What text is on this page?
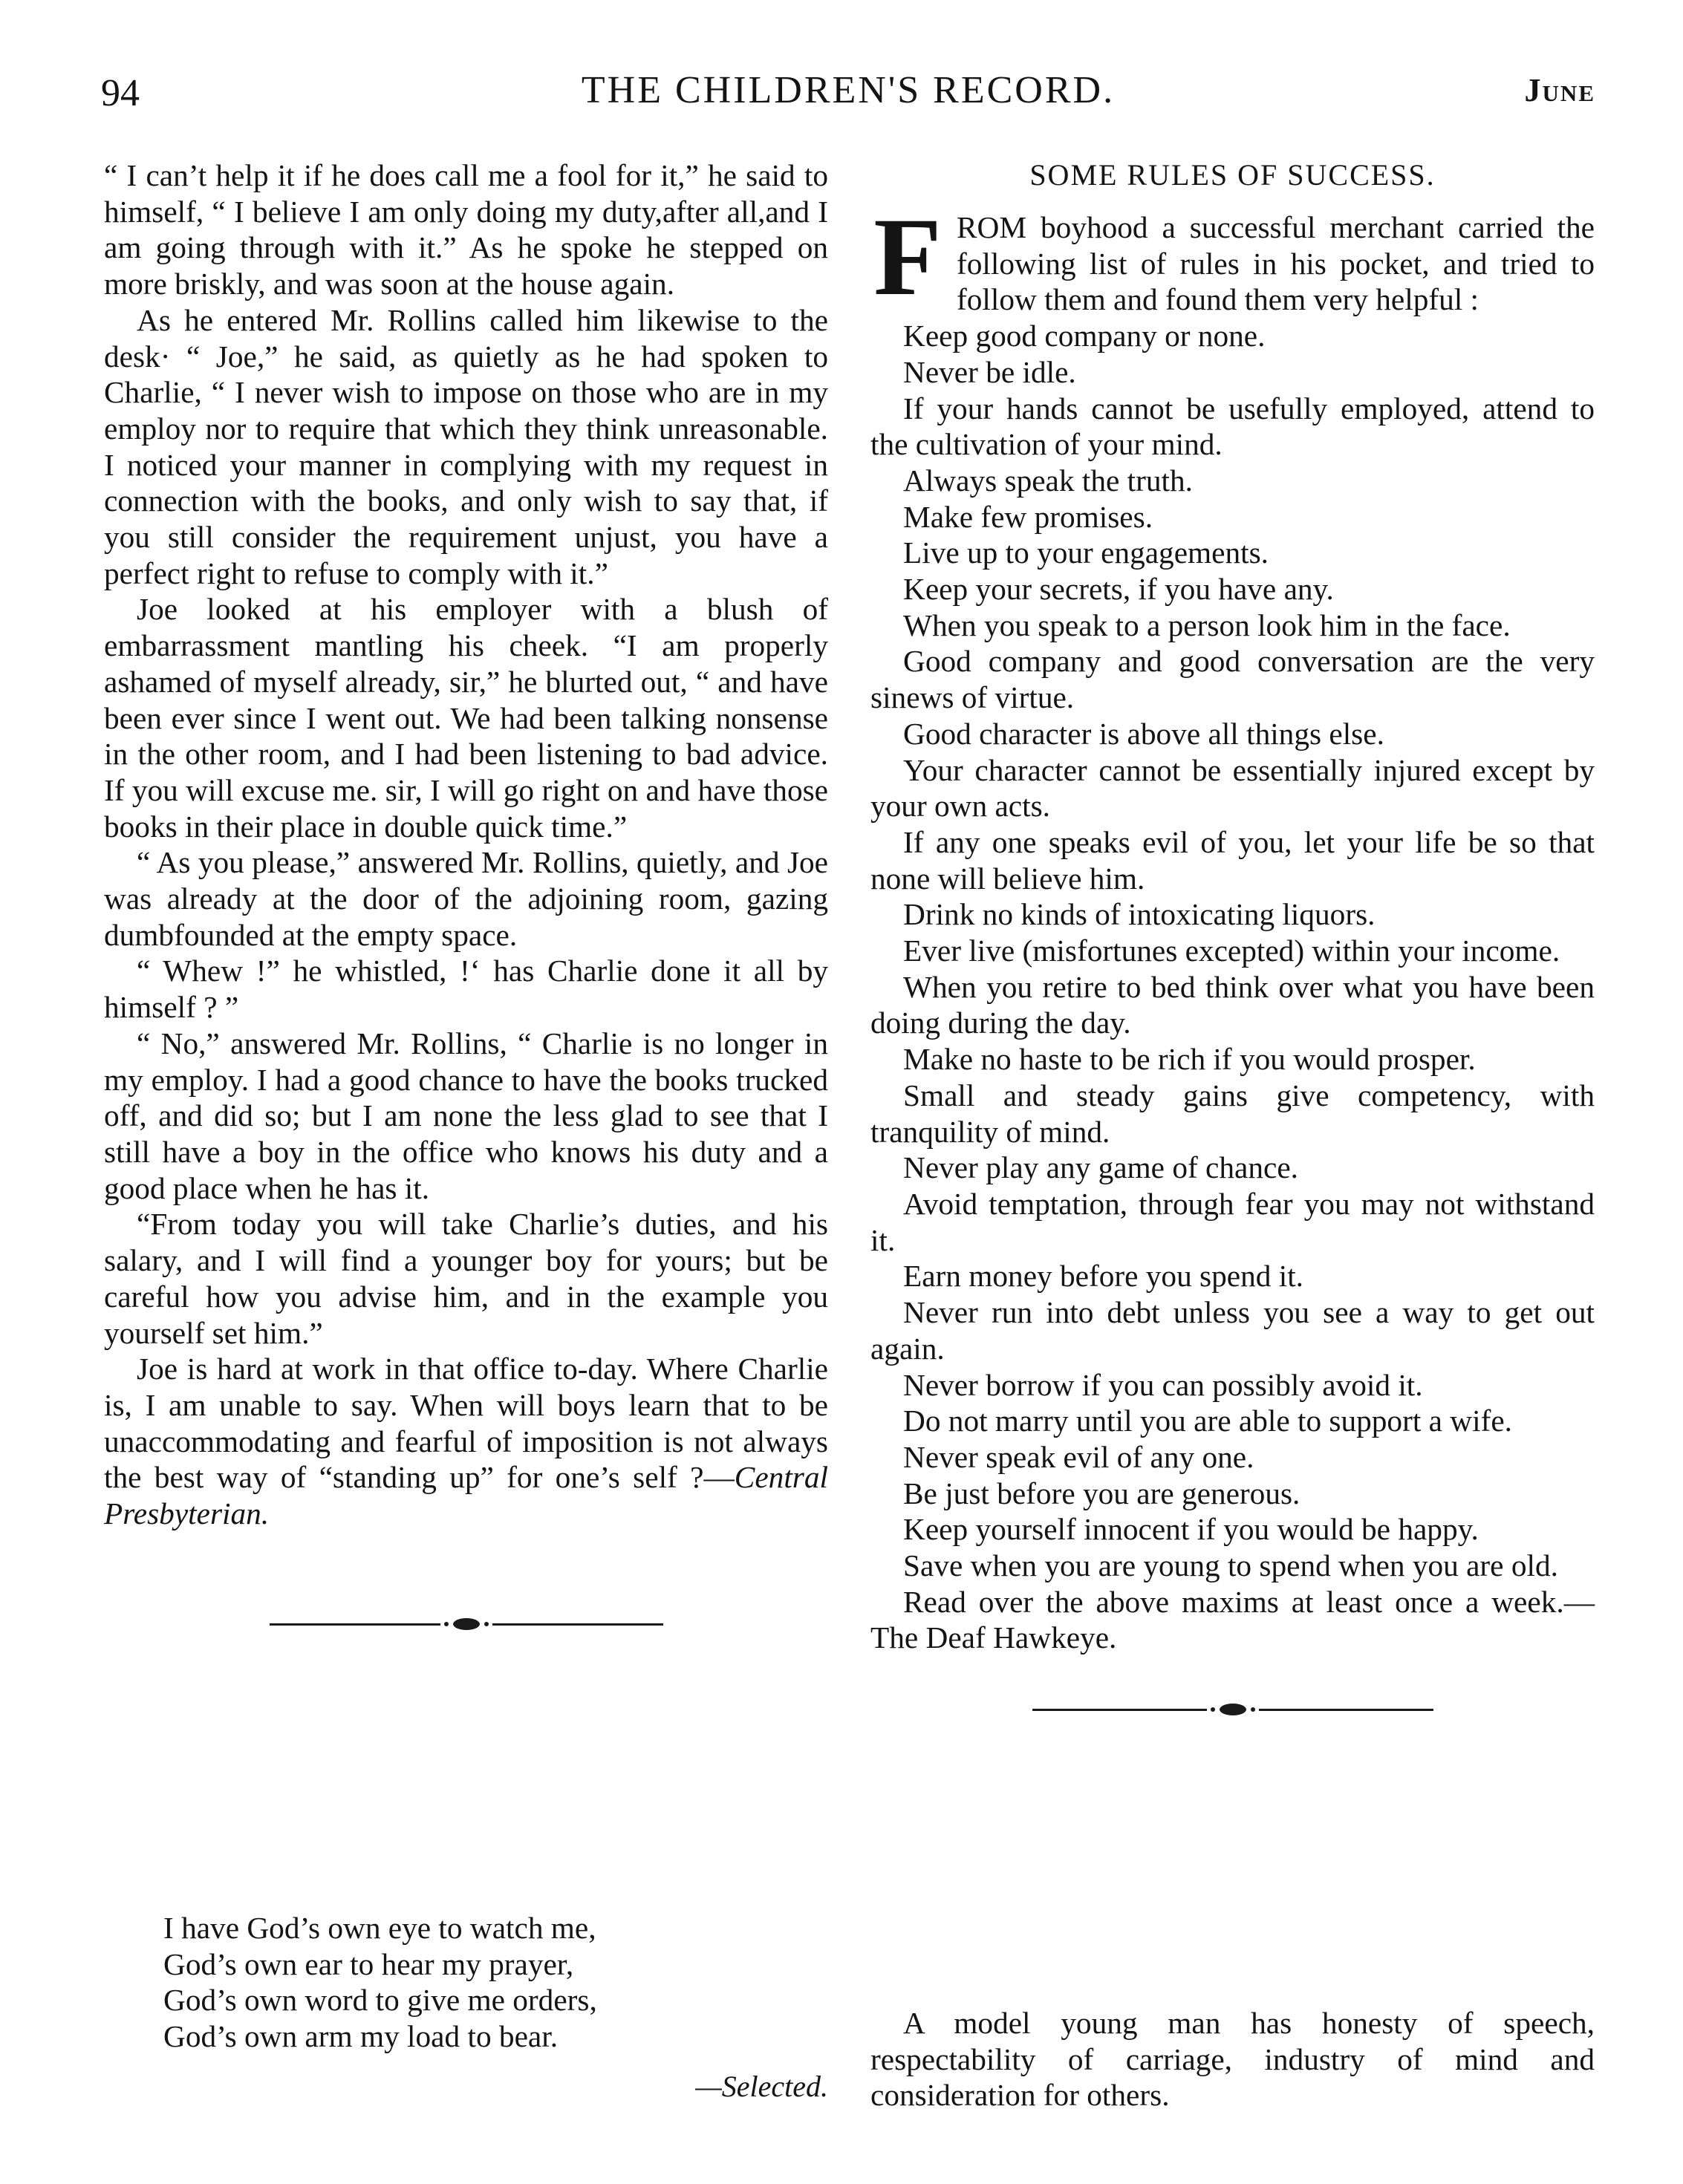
94	THE CHILDREN'S RECORD.	June

“ I can’t help it if he does call me a fool for it,” he said to himself, “ I believe I am only doing my duty,after all,and I am going through with it.” As he spoke he stepped on more briskly, and was soon at the house again.

As he entered Mr. Rollins called him likewise to the desk· “ Joe,” he said, as quietly as he had spoken to Charlie, “ I never wish to impose on those who are in my employ nor to require that which they think unreasonable. I noticed your manner in complying with my request in connection with the books, and only wish to say that, if you still consider the requirement unjust, you have a perfect right to refuse to comply with it.”

Joe looked at his employer with a blush of embarrassment mantling his cheek. “I am properly ashamed of myself already, sir,” he blurted out, “ and have been ever since I went out. We had been talking nonsense in the other room, and I had been listening to bad advice. If you will excuse me. sir, I will go right on and have those books in their place in double quick time.”

“ As you please,” answered Mr. Rollins, quietly, and Joe was already at the door of the adjoining room, gazing dumbfounded at the empty space.

“ Whew !” he whistled, !‘ has Charlie done it all by himself ? ”

“ No,” answered Mr. Rollins, “ Charlie is no longer in my employ. I had a good chance to have the books trucked off, and did so; but I am none the less glad to see that I still have a boy in the office who knows his duty and a good place when he has it.

“From today you will take Charlie’s duties, and his salary, and I will find a younger boy for yours; but be careful how you advise him, and in the example you yourself set him.”

Joe is hard at work in that office to-day. Where Charlie is, I am unable to say. When will boys learn that to be unaccommodating and fearful of imposition is not always the best way of “standing up” for one’s self ?—Central Presbyterian.

I have God’s own eye to watch me,
God’s own ear to hear my prayer,
God’s own word to give me orders,
God’s own arm my load to bear.
—Selected.
SOME RULES OF SUCCESS.

FROM boyhood a successful merchant carried the following list of rules in his pocket, and tried to follow them and found them very helpful :

Keep good company or none.
Never be idle.
If your hands cannot be usefully employed, attend to the cultivation of your mind.
Always speak the truth.
Make few promises.
Live up to your engagements.
Keep your secrets, if you have any.
When you speak to a person look him in the face.
Good company and good conversation are the very sinews of virtue.
Good character is above all things else.
Your character cannot be essentially injured except by your own acts.
If any one speaks evil of you, let your life be so that none will believe him.
Drink no kinds of intoxicating liquors.
Ever live (misfortunes excepted) within your income.
When you retire to bed think over what you have been doing during the day.
Make no haste to be rich if you would prosper.
Small and steady gains give competency, with tranquility of mind.
Never play any game of chance.
Avoid temptation, through fear you may not withstand it.
Earn money before you spend it.
Never run into debt unless you see a way to get out again.
Never borrow if you can possibly avoid it.
Do not marry until you are able to support a wife.
Never speak evil of any one.
Be just before you are generous.
Keep yourself innocent if you would be happy.
Save when you are young to spend when you are old.
Read over the above maxims at least once a week.—The Deaf Hawkeye.

A model young man has honesty of speech, respectability of carriage, industry of mind and consideration for others.
